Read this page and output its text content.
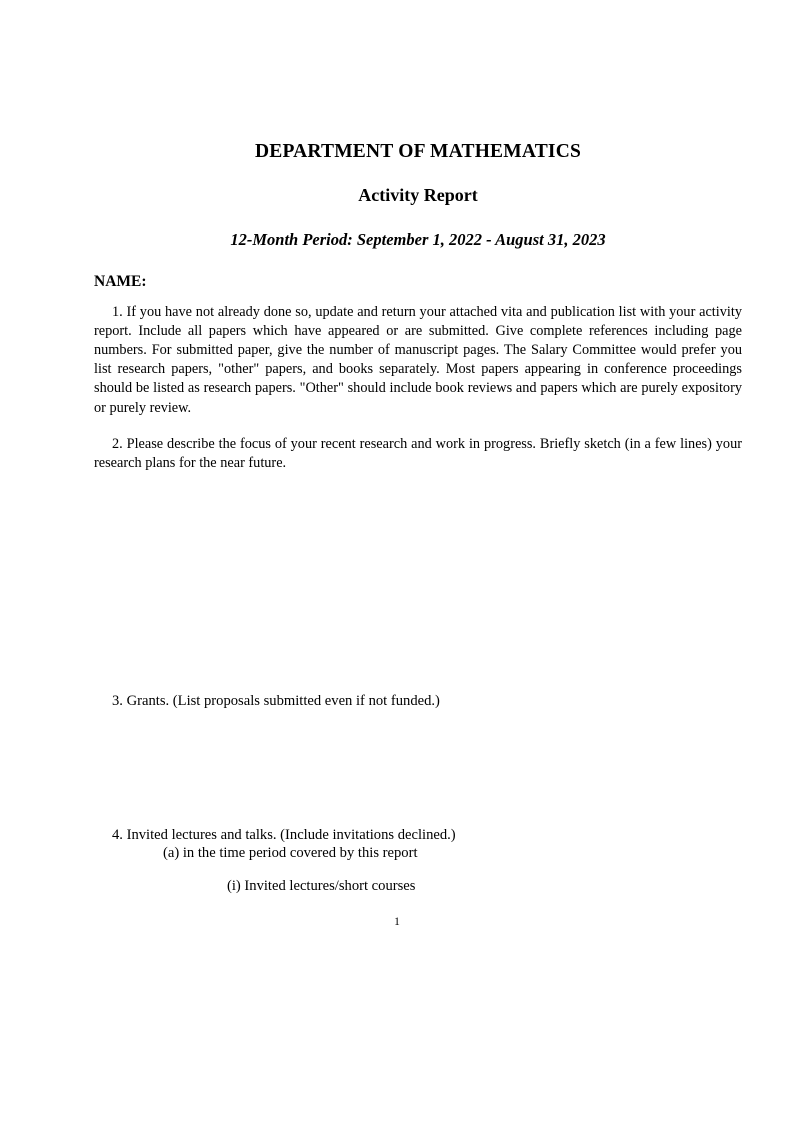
DEPARTMENT OF MATHEMATICS
Activity Report
12-Month Period: September 1, 2022 - August 31, 2023
NAME:

1. If you have not already done so, update and return your attached vita and publication list with your activity report. Include all papers which have appeared or are submitted. Give complete references including page numbers. For submitted paper, give the number of manuscript pages. The Salary Committee would prefer you list research papers, "other" papers, and books separately. Most papers appearing in conference proceedings should be listed as research papers. "Other" should include book reviews and papers which are purely expository or purely review.

2. Please describe the focus of your recent research and work in progress. Briefly sketch (in a few lines) your research plans for the near future.

3. Grants. (List proposals submitted even if not funded.)
4. Invited lectures and talks. (Include invitations declined.)
(a) in the time period covered by this report
(i) Invited lectures/short courses
1
